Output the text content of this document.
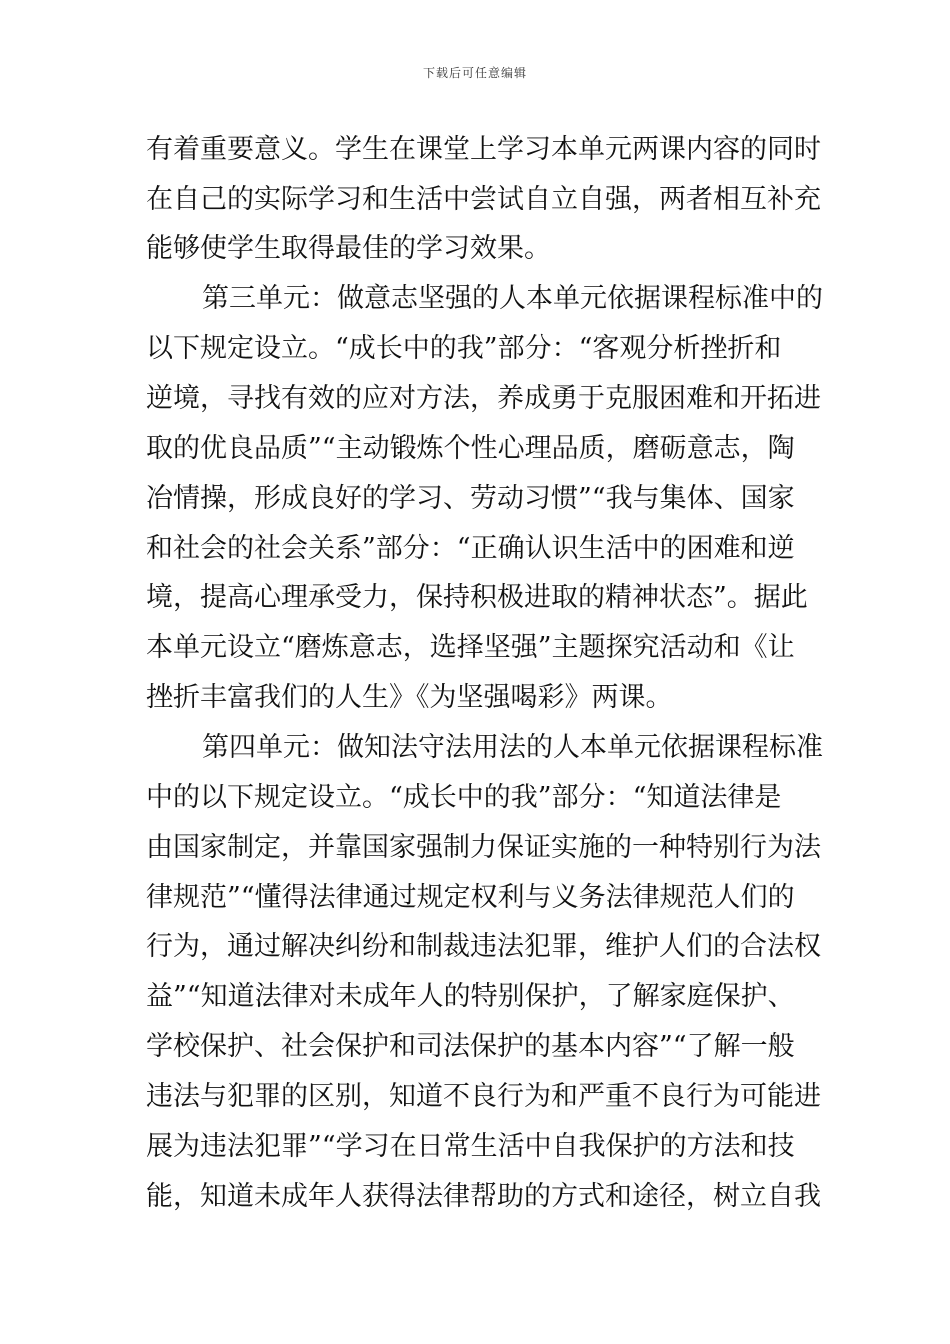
下载后可任意编辑
有着重要意义。学生在课堂上学习本单元两课内容的同时
在自己的实际学习和生活中尝试自立自强，两者相互补充
能够使学生取得最佳的学习效果。
第三单元：做意志坚强的人本单元依据课程标准中的
以下规定设立。“成长中的我”部分：“客观分析挫折和
逆境，寻找有效的应对方法，养成勇于克服困难和开拓进
取的优良品质”“主动锻炼个性心理品质，磨砺意志，陶
冶情操，形成良好的学习、劳动习惯”“我与集体、国家
和社会的社会关系”部分：“正确认识生活中的困难和逆
境，提高心理承受力，保持积极进取的精神状态”。据此
本单元设立“磨炼意志，选择坚强”主题探究活动和《让
挫折丰富我们的人生》《为坚强喝彩》两课。
第四单元：做知法守法用法的人本单元依据课程标准
中的以下规定设立。“成长中的我”部分：“知道法律是
由国家制定，并靠国家强制力保证实施的一种特别行为法
律规范”“懂得法律通过规定权利与义务法律规范人们的
行为，通过解决纠纷和制裁违法犯罪，维护人们的合法权
益”“知道法律对未成年人的特别保护，了解家庭保护、
学校保护、社会保护和司法保护的基本内容”“了解一般
违法与犯罪的区别，知道不良行为和严重不良行为可能进
展为违法犯罪”“学习在日常生活中自我保护的方法和技
能，知道未成年人获得法律帮助的方式和途径，树立自我
